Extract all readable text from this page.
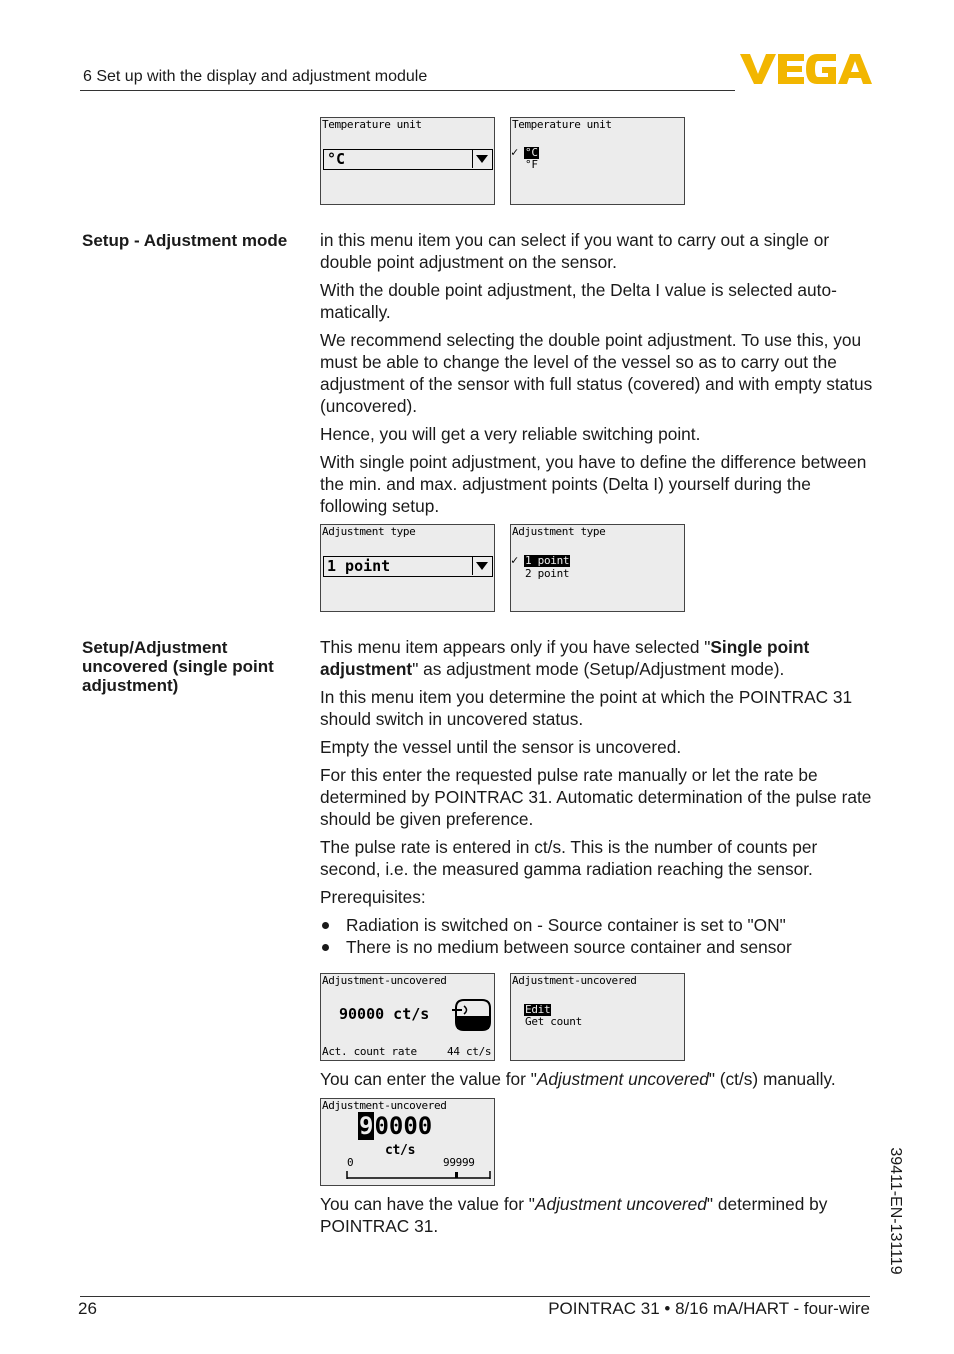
6 Set up with the display and adjustment module
Temperature unit
°C
Temperature unit
✓ °C
°F
Setup - Adjustment mode	in this menu item you can select if you want to carry out a single or double point adjustment on the sensor.

With the double point adjustment, the Delta I value is selected auto-matically.

We recommend selecting the double point adjustment. To use this, you must be able to change the level of the vessel so as to carry out the adjustment of the sensor with full status (covered) and with empty status (uncovered).

Hence, you will get a very reliable switching point.

With single point adjustment, you have to define the difference between the min. and max. adjustment points (Delta I) yourself during the following setup.

Adjustment type
1 point
Adjustment type
✓ 1 point
2 point
Setup/Adjustment uncovered (single point adjustment)

This menu item appears only if you have selected "Single point adjustment" as adjustment mode (Setup/Adjustment mode).

In this menu item you determine the point at which the POINTRAC 31 should switch in uncovered status.

Empty the vessel until the sensor is uncovered.

For this enter the requested pulse rate manually or let the rate be determined by POINTRAC 31. Automatic determination of the pulse rate should be given preference.

The pulse rate is entered in ct/s. This is the number of counts per second, i.e. the measured gamma radiation reaching the sensor.

Prerequisites:

Radiation is switched on - Source container is set to "ON"
There is no medium between source container and sensor
Adjustment-uncovered
90000 ct/s
Act. count rate	44 ct/s
Adjustment-uncovered
Edit
Get count

You can enter the value for "Adjustment uncovered" (ct/s) manually.

Adjustment-uncovered
90000
ct/s
0	99999

You can have the value for "Adjustment uncovered" determined by POINTRAC 31.	39411-EN-131119
26	POINTRAC 31 • 8/16 mA/HART - four-wire
